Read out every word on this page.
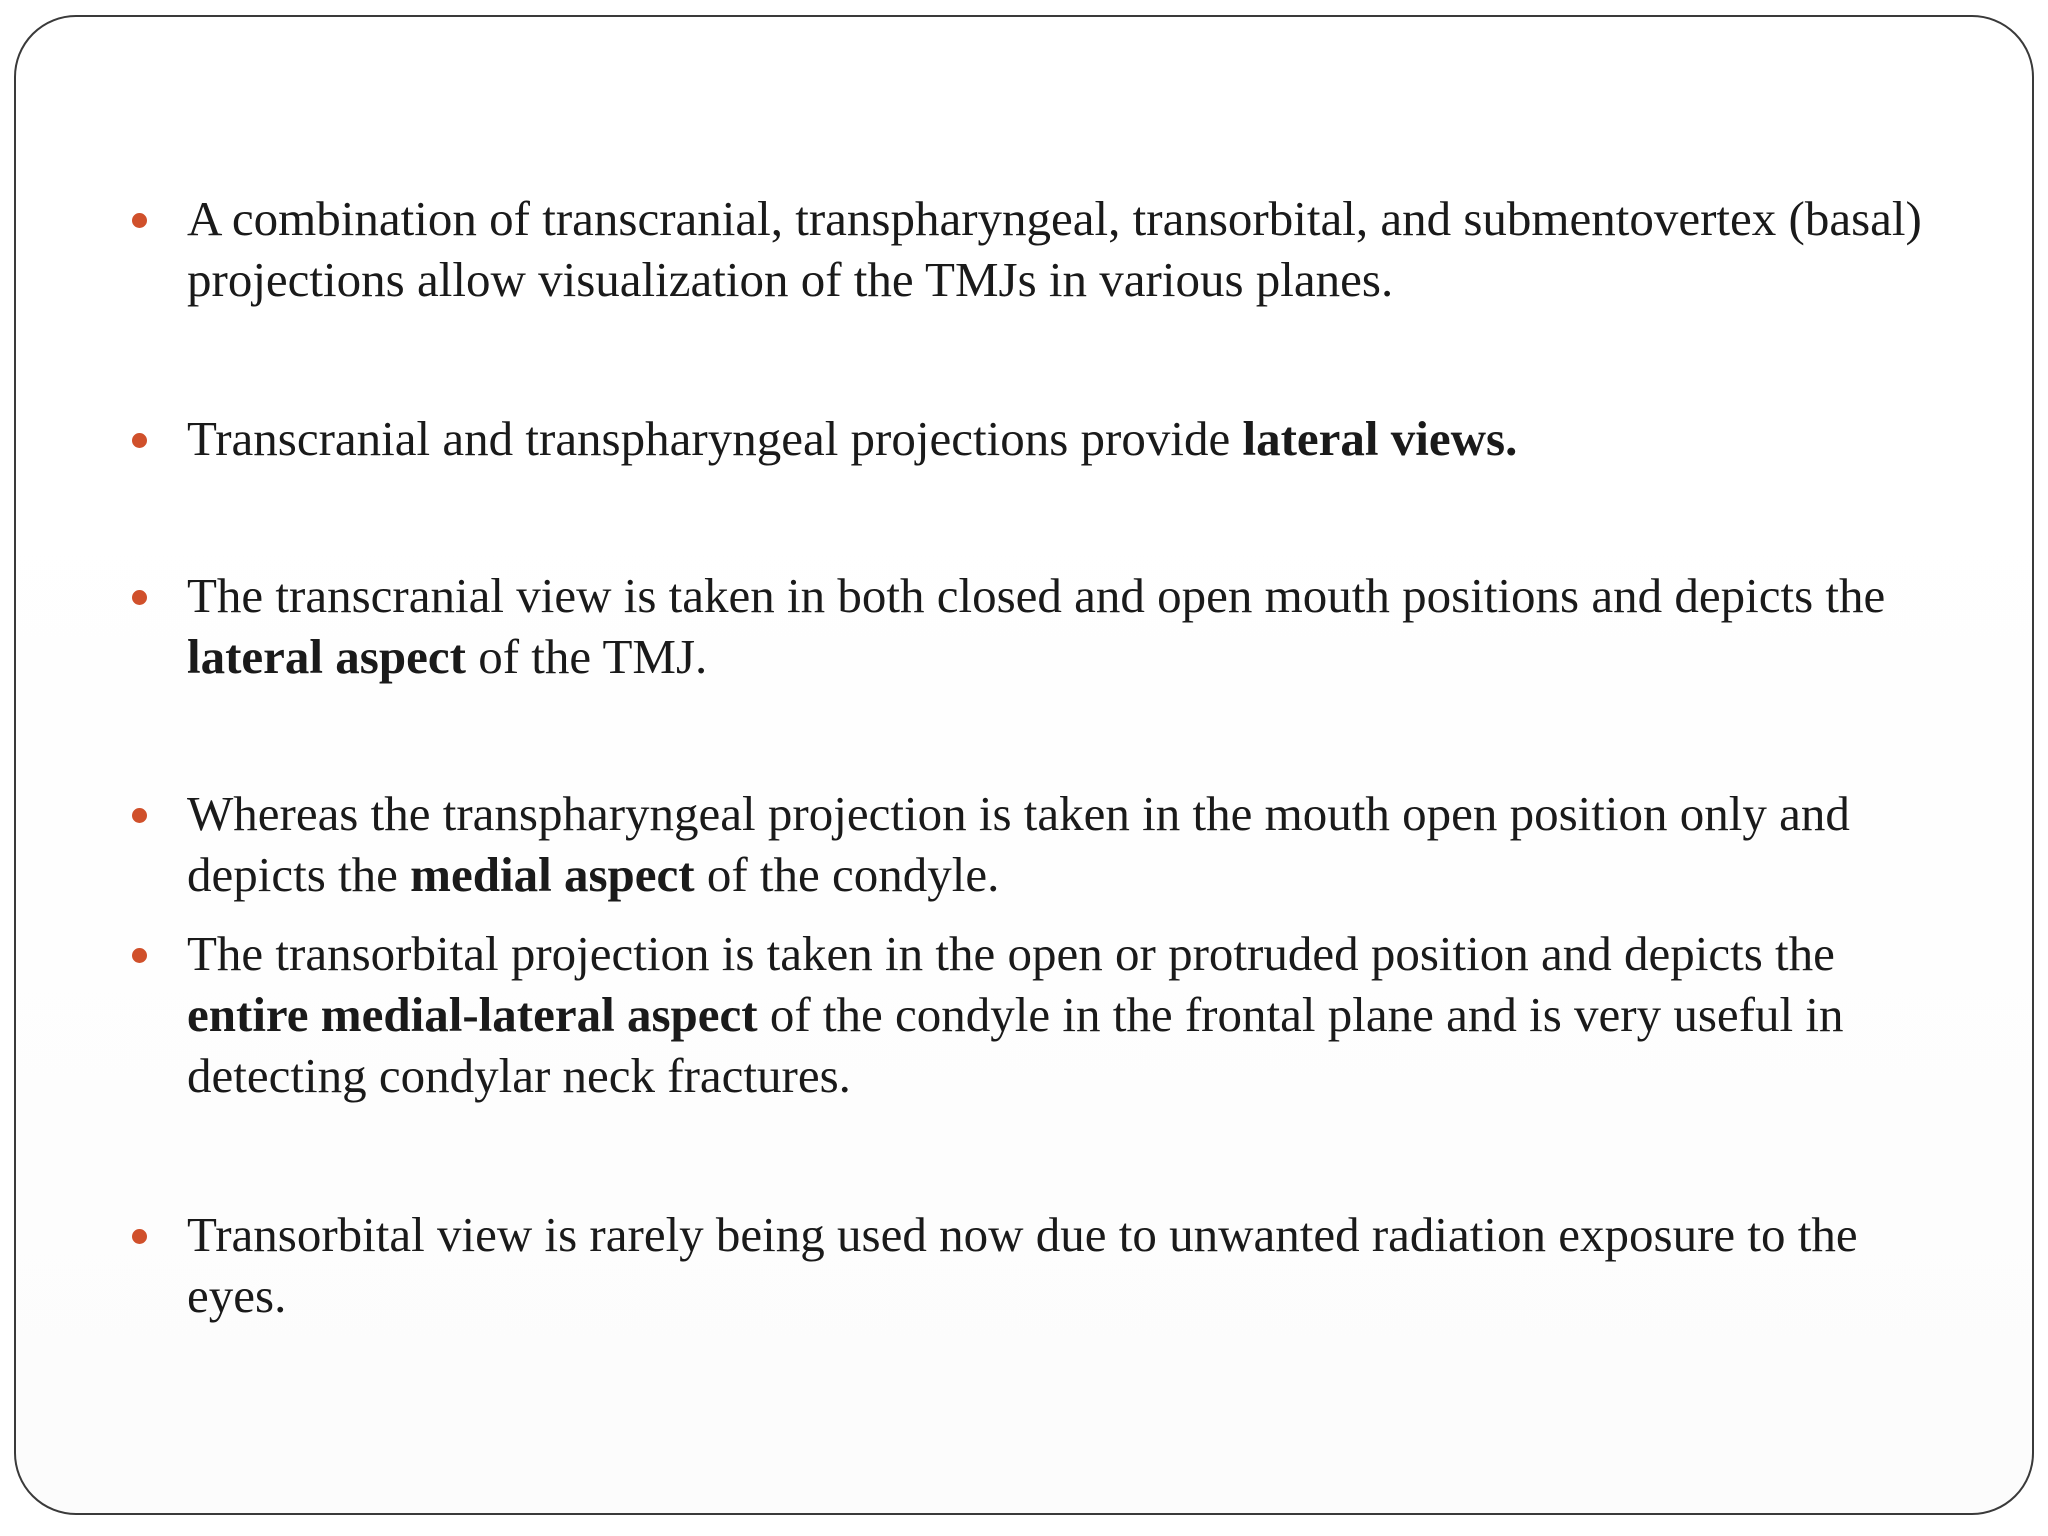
A combination of transcranial, transpharyngeal, transorbital, and submentovertex (basal) projections allow visualization of the TMJs in various planes.
Transcranial and transpharyngeal projections provide lateral views.
The transcranial view is taken in both closed and open mouth positions and depicts the lateral aspect of the TMJ.
Whereas the transpharyngeal projection is taken in the mouth open position only and depicts the medial aspect of the condyle.
The transorbital projection is taken in the open or protruded position and depicts the entire medial-lateral aspect of the condyle in the frontal plane and is very useful in detecting condylar neck fractures.
Transorbital view is rarely being used now due to unwanted radiation exposure to the eyes.
